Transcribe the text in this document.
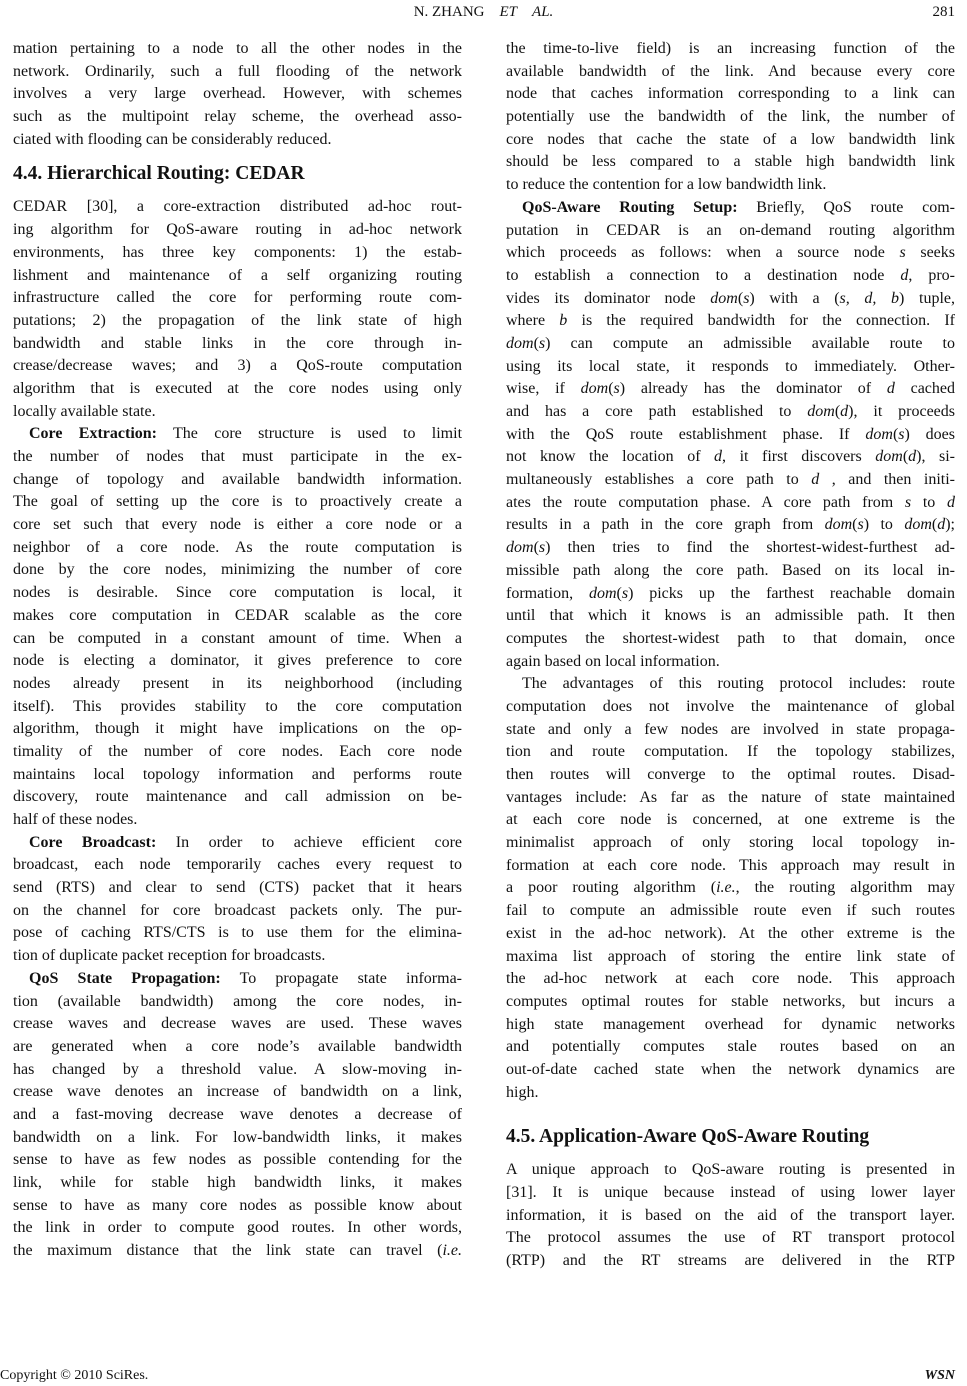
N. ZHANG ET AL.	281
mation pertaining to a node to all the other nodes in the
network. Ordinarily, such a full flooding of the network
involves a very large overhead. However, with schemes
such as the multipoint relay scheme, the overhead asso-
ciated with flooding can be considerably reduced.
4.4. Hierarchical Routing: CEDAR
CEDAR [30], a core-extraction distributed ad-hoc rout-
ing algorithm for QoS-aware routing in ad-hoc network
environments, has three key components: 1) the estab-
lishment and maintenance of a self organizing routing
infrastructure called the core for performing route com-
putations; 2) the propagation of the link state of high
bandwidth and stable links in the core through in-
crease/decrease waves; and 3) a QoS-route computation
algorithm that is executed at the core nodes using only
locally available state.
Core Extraction: The core structure is used to limit
the number of nodes that must participate in the ex-
change of topology and available bandwidth information.
The goal of setting up the core is to proactively create a
core set such that every node is either a core node or a
neighbor of a core node. As the route computation is
done by the core nodes, minimizing the number of core
nodes is desirable. Since core computation is local, it
makes core computation in CEDAR scalable as the core
can be computed in a constant amount of time. When a
node is electing a dominator, it gives preference to core
nodes already present in its neighborhood (including
itself). This provides stability to the core computation
algorithm, though it might have implications on the op-
timality of the number of core nodes. Each core node
maintains local topology information and performs route
discovery, route maintenance and call admission on be-
half of these nodes.
Core Broadcast: In order to achieve efficient core
broadcast, each node temporarily caches every request to
send (RTS) and clear to send (CTS) packet that it hears
on the channel for core broadcast packets only. The pur-
pose of caching RTS/CTS is to use them for the elimina-
tion of duplicate packet reception for broadcasts.
QoS State Propagation: To propagate state informa-
tion (available bandwidth) among the core nodes, in-
crease waves and decrease waves are used. These waves
are generated when a core node’s available bandwidth
has changed by a threshold value. A slow-moving in-
crease wave denotes an increase of bandwidth on a link,
and a fast-moving decrease wave denotes a decrease of
bandwidth on a link. For low-bandwidth links, it makes
sense to have as few nodes as possible contending for the
link, while for stable high bandwidth links, it makes
sense to have as many core nodes as possible know about
the link in order to compute good routes. In other words,
the maximum distance that the link state can travel (i.e.
the time-to-live field) is an increasing function of the
available bandwidth of the link. And because every core
node that caches information corresponding to a link can
potentially use the bandwidth of the link, the number of
core nodes that cache the state of a low bandwidth link
should be less compared to a stable high bandwidth link
to reduce the contention for a low bandwidth link.
QoS-Aware Routing Setup: Briefly, QoS route com-
putation in CEDAR is an on-demand routing algorithm
which proceeds as follows: when a source node s seeks
to establish a connection to a destination node d, pro-
vides its dominator node dom(s) with a (s, d, b) tuple,
where b is the required bandwidth for the connection. If
dom(s) can compute an admissible available route to
using its local state, it responds to immediately. Other-
wise, if dom(s) already has the dominator of d cached
and has a core path established to dom(d), it proceeds
with the QoS route establishment phase. If dom(s) does
not know the location of d, it first discovers dom(d), si-
multaneously establishes a core path to d , and then initi-
ates the route computation phase. A core path from s to d
results in a path in the core graph from dom(s) to dom(d);
dom(s) then tries to find the shortest-widest-furthest ad-
missible path along the core path. Based on its local in-
formation, dom(s) picks up the farthest reachable domain
until that which it knows is an admissible path. It then
computes the shortest-widest path to that domain, once
again based on local information.
The advantages of this routing protocol includes: route
computation does not involve the maintenance of global
state and only a few nodes are involved in state propaga-
tion and route computation. If the topology stabilizes,
then routes will converge to the optimal routes. Disad-
vantages include: As far as the nature of state maintained
at each core node is concerned, at one extreme is the
minimalist approach of only storing local topology in-
formation at each core node. This approach may result in
a poor routing algorithm (i.e., the routing algorithm may
fail to compute an admissible route even if such routes
exist in the ad-hoc network). At the other extreme is the
maxima list approach of storing the entire link state of
the ad-hoc network at each core node. This approach
computes optimal routes for stable networks, but incurs a
high state management overhead for dynamic networks
and potentially computes stale routes based on an
out-of-date cached state when the network dynamics are
high.
4.5. Application-Aware QoS-Aware Routing
A unique approach to QoS-aware routing is presented in
[31]. It is unique because instead of using lower layer
information, it is based on the aid of the transport layer.
The protocol assumes the use of RT transport protocol
(RTP) and the RT streams are delivered in the RTP
Copyright © 2010 SciRes.	WSN
